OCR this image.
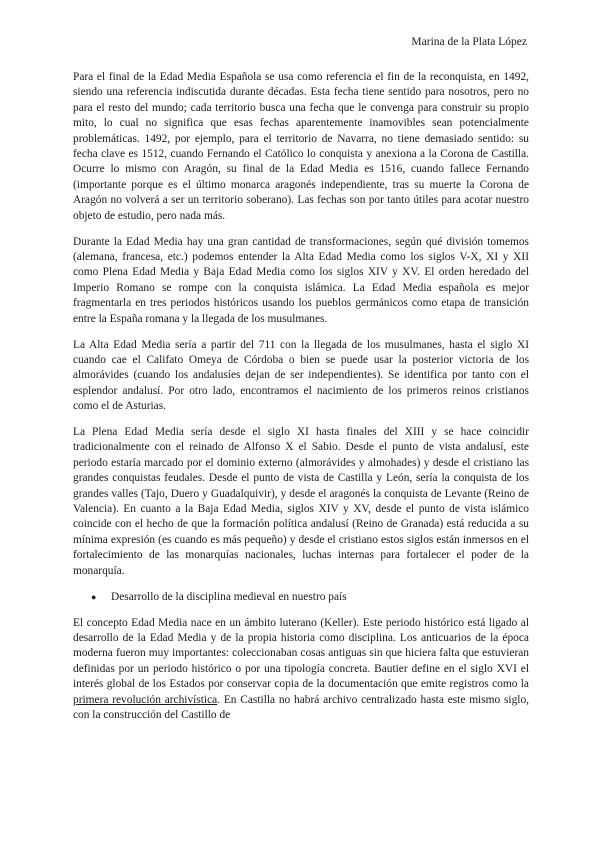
Marina de la Plata López

Para el final de la Edad Media Española se usa como referencia el fin de la reconquista, en 1492, siendo una referencia indiscutida durante décadas. Esta fecha tiene sentido para nosotros, pero no para el resto del mundo; cada territorio busca una fecha que le convenga para construir su propio mito, lo cual no significa que esas fechas aparentemente inamovibles sean potencialmente problemáticas. 1492, por ejemplo, para el territorio de Navarra, no tiene demasiado sentido: su fecha clave es 1512, cuando Fernando el Católico lo conquista y anexiona a la Corona de Castilla. Ocurre lo mismo con Aragón, su final de la Edad Media es 1516, cuando fallece Fernando (importante porque es el último monarca aragonés independiente, tras su muerte la Corona de Aragón no volverá a ser un territorio soberano). Las fechas son por tanto útiles para acotar nuestro objeto de estudio, pero nada más.

Durante la Edad Media hay una gran cantidad de transformaciones, según qué división tomemos (alemana, francesa, etc.) podemos entender la Alta Edad Media como los siglos V-X, XI y XII como Plena Edad Media y Baja Edad Media como los siglos XIV y XV. El orden heredado del Imperio Romano se rompe con la conquista islámica. La Edad Media española es mejor fragmentarla en tres periodos históricos usando los pueblos germánicos como etapa de transición entre la España romana y la llegada de los musulmanes.

La Alta Edad Media sería a partir del 711 con la llegada de los musulmanes, hasta el siglo XI cuando cae el Califato Omeya de Córdoba o bien se puede usar la posterior victoria de los almorávides (cuando los andalusíes dejan de ser independientes). Se identifica por tanto con el esplendor andalusí. Por otro lado, encontramos el nacimiento de los primeros reinos cristianos como el de Asturias.

La Plena Edad Media sería desde el siglo XI hasta finales del XIII y se hace coincidir tradicionalmente con el reinado de Alfonso X el Sabio. Desde el punto de vista andalusí, este periodo estaría marcado por el dominio externo (almorávides y almohades) y desde el cristiano las grandes conquistas feudales. Desde el punto de vista de Castilla y León, sería la conquista de los grandes valles (Tajo, Duero y Guadalquivir), y desde el aragonés la conquista de Levante (Reino de Valencia). En cuanto a la Baja Edad Media, siglos XIV y XV, desde el punto de vista islámico coincide con el hecho de que la formación política andalusí (Reino de Granada) está reducida a su mínima expresión (es cuando es más pequeño) y desde el cristiano estos siglos están inmersos en el fortalecimiento de las monarquías nacionales, luchas internas para fortalecer el poder de la monarquía.

●	Desarrollo de la disciplina medieval en nuestro país

El concepto Edad Media nace en un ámbito luterano (Keller). Este periodo histórico está ligado al desarrollo de la Edad Media y de la propia historia como disciplina. Los anticuarios de la época moderna fueron muy importantes: coleccionaban cosas antiguas sin que hiciera falta que estuvieran definidas por un periodo histórico o por una tipología concreta. Bautier define en el siglo XVI el interés global de los Estados por conservar copia de la documentación que emite registros como la primera revolución archivística. En Castilla no habrá archivo centralizado hasta este mismo siglo, con la construcción del Castillo de
